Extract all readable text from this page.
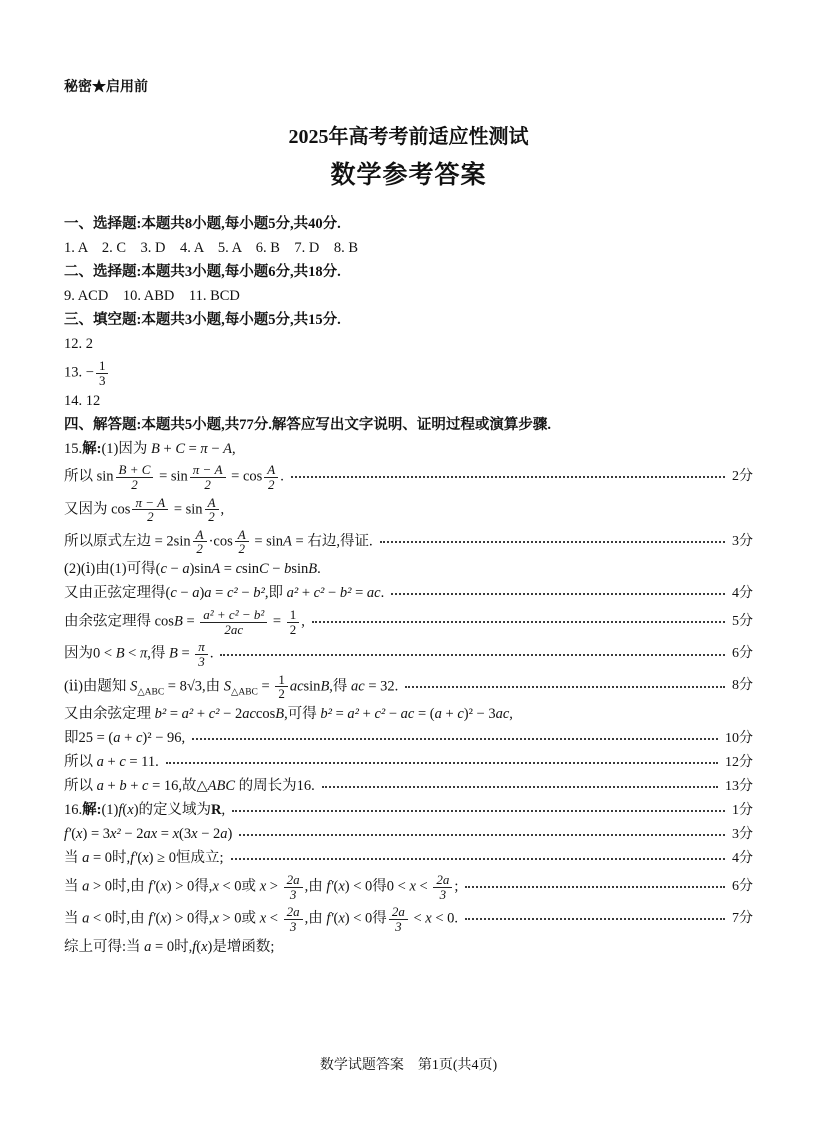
秘密★启用前
2025年高考考前适应性测试
数学参考答案
一、选择题:本题共8小题,每小题5分,共40分.
1. A　2. C　3. D　4. A　5. A　6. B　7. D　8. B
二、选择题:本题共3小题,每小题6分,共18分.
9. ACD　10. ABD　11. BCD
三、填空题:本题共3小题,每小题5分,共15分.
12. 2
13. − $\frac{1}{3}$
14. 12
四、解答题:本题共5小题,共77分.解答应写出文字说明、证明过程或演算步骤.
15.解:(1)因为 B + C = π − A,
所以 $\sin \frac{B + C}{2} = \sin \frac{\pi - A}{2} = \cos \frac{A}{2}$ .	2分
又因为 $\cos \frac{\pi - A}{2} = \sin \frac{A}{2}$ ,
所以原式左边 = $2\sin \frac{A}{2} \cdot\cos \frac{A}{2} = \sin A$ = 右边,得证.	3分
(2)(ⅰ)由(1)可得(c − a)sinA = csinC − bsinB.
又由正弦定理得(c − a)a = c² − b²,即 a² + c² − b² = ac.	4分
由余弦定理得 $\cos B = \frac{\text{a² + c² − b²}}{2ac} = \frac{1}{2}$ ,	5分
因为0 < B < π,得 $B = \frac{\pi}{3}$ .	6分
(ⅱ)由题知 $S_{\triangle ABC} = 8√3$,由 $S_{\triangle ABC} = \frac{1}{2} acsinB$,得 ac = 32.	8分
又由余弦定理 b² = a² + c² − 2accosB,可得 b² = a² + c² − ac = (a + c)² − 3ac,
即25 = (a + c)² − 96,	10分
所以 a + c = 11.	12分
所以 a + b + c = 16,故△ABC 的周长为16.	13分
16.解:(1)f(x)的定义域为R,	1分
f′(x) = 3x² − 2ax = x(3x − 2a)	3分
当 a = 0时,f′(x) ≥ 0恒成立;	4分
当 a > 0时,由 f′(x) > 0得,x < 0或 $x > \frac{2a}{3}$ ,由 f′(x) < 0得$0 < x < \frac{2a}{3}$ ;	6分
当 a < 0时,由 f′(x) > 0得,x > 0或 $x < \frac{2a}{3}$ ,由 f′(x) < 0得 $\frac{2a}{3} < x < 0$.	7分
综上可得:当 a = 0时,f(x)是增函数;
数学试题答案　第1页(共4页)
